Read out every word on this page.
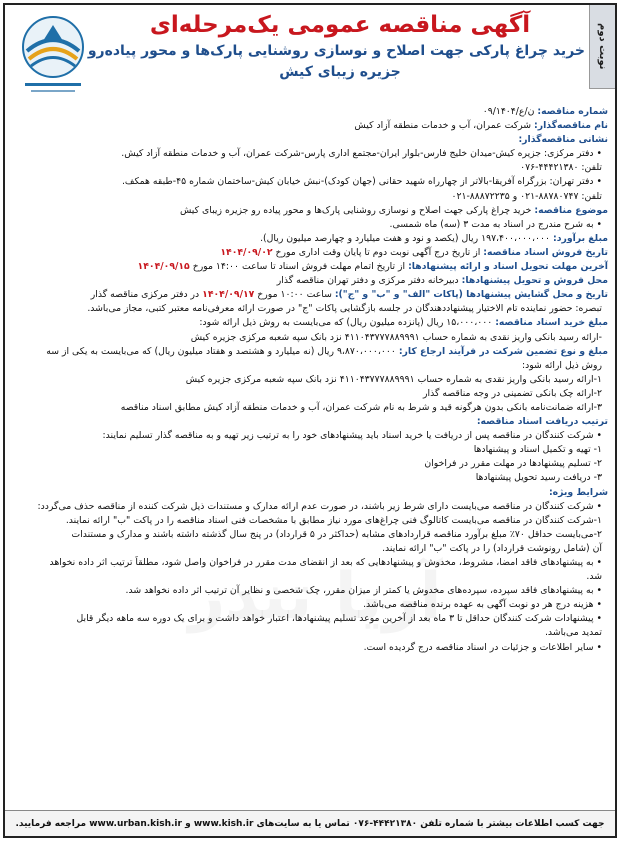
نوبت دوم
آگهی مناقصه عمومی یک‌مرحله‌ای
خرید چراغ پارکی جهت اصلاح و نوسازی روشنایی پارک‌ها و محور پیاده‌رو
جزیره زیبای کیش

شماره مناقصه: ن/ع/۰۹/۱۴۰۴

نام مناقصه‌گذار: شرکت عمران، آب و خدمات منطقه آزاد کیش

نشانی مناقصه‌گذار:

• دفتر مرکزی: جزیره کیش-میدان خلیج فارس-بلوار ایران-مجتمع اداری پارس-شرکت عمران، آب و خدمات منطقه آزاد کیش.

تلفن: ۴۴۴۲۱۳۸۰-۰۷۶

• دفتر تهران: بزرگراه آفریقا-بالاتر از چهارراه شهید حقانی (جهان کودک)-نبش خیابان کیش-ساختمان شماره ۴۵-طبقه همکف.

تلفن: ۸۸۷۸۰۷۴۷-۰۲۱ و ۸۸۸۷۲۲۳۵-۰۲۱

موضوع مناقصه: خرید چراغ پارکی جهت اصلاح و نوسازی روشنایی پارک‌ها و محور پیاده رو جزیره زیبای کیش

• به شرح مندرج در اسناد به مدت ۳ (سه) ماه شمسی.

مبلغ برآورد: ۱۹۷،۴۰۰،۰۰۰،۰۰۰ ریال (یکصد و نود و هفت میلیارد و چهارصد میلیون ریال).

تاریخ فروش اسناد مناقصه: از تاریخ درج آگهی نوبت دوم تا پایان وقت اداری مورخ ۱۴۰۴/۰۹/۰۲

آخرین مهلت تحویل اسناد و ارائه پیشنهادها: از تاریخ اتمام مهلت فروش اسناد تا ساعت ۱۴:۰۰ مورخ ۱۴۰۴/۰۹/۱۵

محل فروش و تحویل پیشنهادها: دبیرخانه دفتر مرکزی و دفتر تهران مناقصه گذار

تاریخ و محل گشایش پیشنهادها (پاکات "الف" و "ب" و "ج"): ساعت ۱۰:۰۰ مورخ ۱۴۰۴/۰۹/۱۷ در دفتر مرکزی مناقصه گذار

تبصره: حضور نماینده تام الاختیار پیشنهاددهندگان در جلسه بازگشایی پاکات "ج" در صورت ارائه معرفی‌نامه معتبر کتبی، مجاز می‌باشد.

مبلغ خرید اسناد مناقصه: ۱۵،۰۰۰،۰۰۰ ریال (پانزده میلیون ریال) که می‌بایست به روش ذیل ارائه شود:

-ارائه رسید بانکی واریز نقدی به شماره حساب ۴۱۱۰۴۳۷۷۷۸۸۹۹۹۱ نزد بانک سپه شعبه مرکزی جزیره کیش

مبلغ و نوع تضمین شرکت در فرآیند ارجاع کار: ۹،۸۷۰،۰۰۰،۰۰۰ ریال (نه میلیارد و هشتصد و هفتاد میلیون ریال) که می‌بایست به یکی از سه

روش ذیل ارائه شود:

۱-ارائه رسید بانکی واریز نقدی به شماره حساب ۴۱۱۰۴۳۷۷۷۸۸۹۹۹۱ نزد بانک سپه شعبه مرکزی جزیره کیش

۲-ارائه چک بانکی تضمینی در وجه مناقصه گذار

۳-ارائه ضمانت‌نامه بانکی بدون هرگونه قید و شرط به نام شرکت عمران، آب و خدمات منطقه آزاد کیش مطابق اسناد مناقصه

ترتیب دریافت اسناد مناقصه:

• شرکت کنندگان در مناقصه پس از دریافت یا خرید اسناد باید پیشنهادهای خود را به ترتیب زیر تهیه و به مناقصه گذار تسلیم نمایند:

۱- تهیه و تکمیل اسناد و پیشنهادها

۲- تسلیم پیشنهادها در مهلت مقرر در فراخوان

۳- دریافت رسید تحویل پیشنهادها

شرایط ویژه:

• شرکت کنندگان در مناقصه می‌بایست دارای شرط زیر باشند، در صورت عدم ارائه مدارک و مستندات ذیل شرکت کننده از مناقصه حذف می‌گردد:

۱-شرکت کنندگان در مناقصه می‌بایست کاتالوگ فنی چراغ‌های مورد نیاز مطابق با مشخصات فنی اسناد مناقصه را در پاکت "ب" ارائه نمایند.

۲-می‌بایست حداقل ۷۰٪ مبلغ برآورد مناقصه قراردادهای مشابه (حداکثر در ۵ قرارداد) در پنج سال گذشته داشته باشند و مدارک و مستندات

آن (شامل رونوشت قرارداد) را در پاکت "ب" ارائه نمایند.

• به پیشنهادهای فاقد امضا، مشروط، مخدوش و پیشنهادهایی که بعد از انقضای مدت مقرر در فراخوان واصل شود، مطلقاً ترتیب اثر داده نخواهد

شد.

• به پیشنهادهای فاقد سپرده، سپرده‌های مخدوش یا کمتر از میزان مقرر، چک شخصی و نظایر آن ترتیب اثر داده نخواهد شد.

• هزینه درج هر دو نوبت آگهی به عهده برنده مناقصه می‌باشد.

• پیشنهادات شرکت کنندگان حداقل تا ۳ ماه بعد از آخرین موعد تسلیم پیشنهادها، اعتبار خواهد داشت و برای یک دوره سه ماهه دیگر قابل

تمدید می‌باشد.

• سایر اطلاعات و جزئیات در اسناد مناقصه درج گردیده است.

جهت کسب اطلاعات بیشتر با شماره تلفن ۴۴۴۲۱۳۸۰-۰۷۶ تماس یا به سایت‌های www.kish.ir و www.urban.kish.ir مراجعه فرمایید.
